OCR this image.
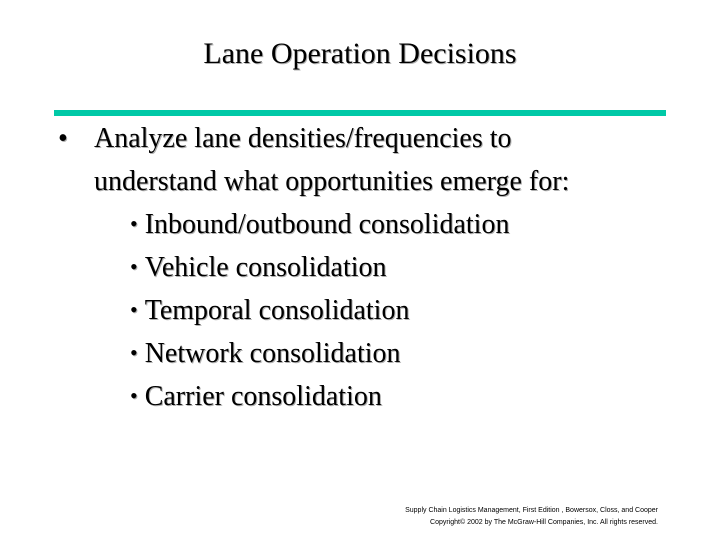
Lane Operation Decisions
• Analyze lane densities/frequencies to
understand what opportunities emerge for:
• Inbound/outbound consolidation
• Vehicle consolidation
• Temporal consolidation
• Network consolidation
• Carrier consolidation
Supply Chain Logistics Management, First Edition , Bowersox, Closs, and Cooper
Copyright© 2002 by The McGraw-Hill Companies, Inc. All rights reserved.
